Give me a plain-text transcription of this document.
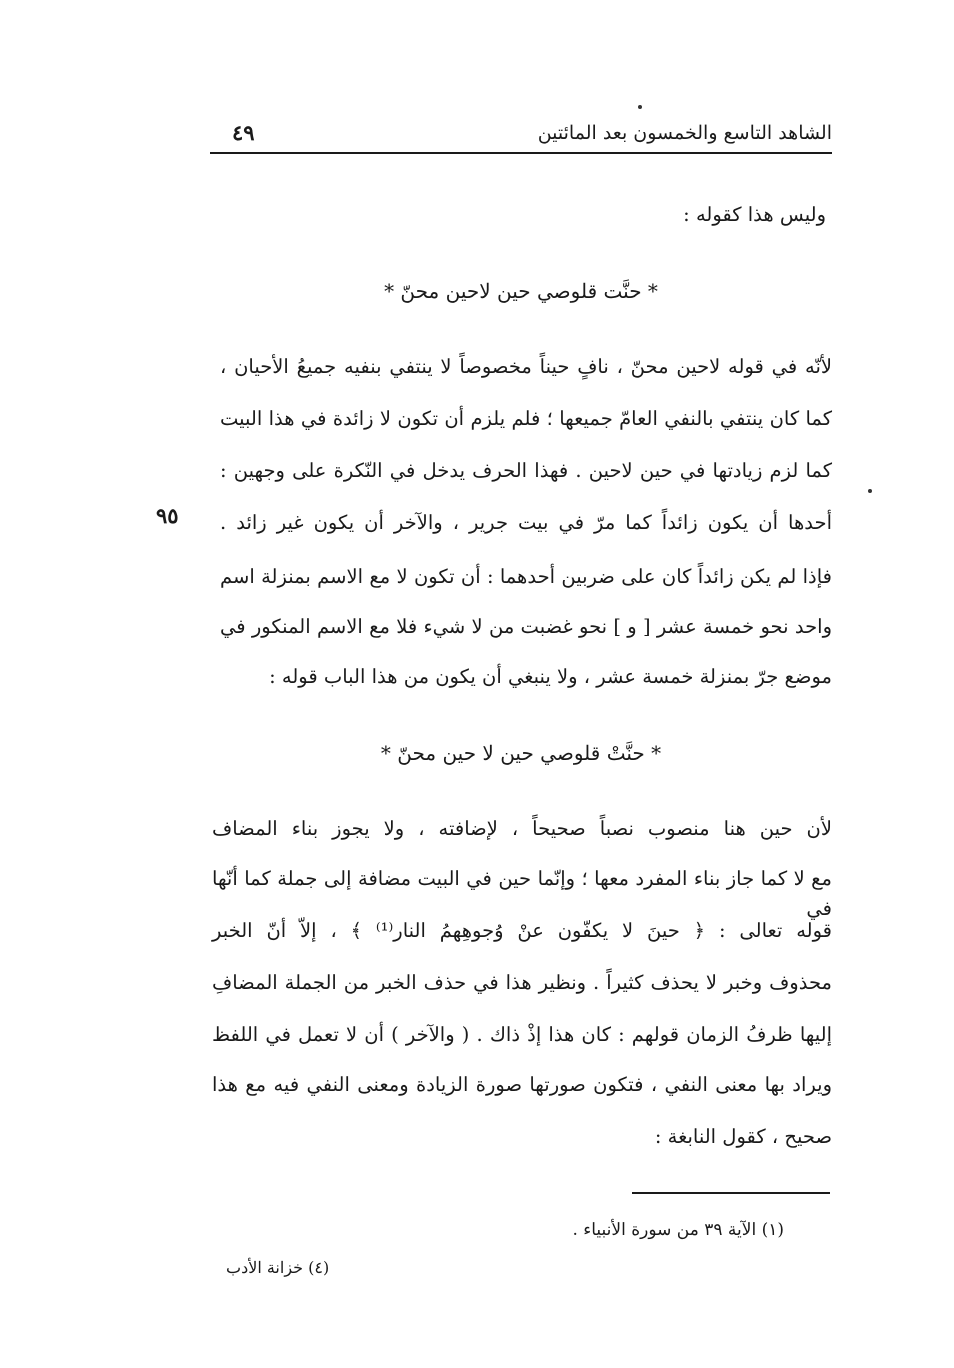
الشاهد التاسع والخمسون بعد المائتين
٤٩
وليس هذا كقوله :
* حنَّت قلوصي حين لاحين محنّ *
لأنّه في قوله لاحين محنّ ، نافٍ حيناً مخصوصاً لا ينتفي بنفيه جميعُ الأحيان ،
كما كان ينتفي بالنفي العامّ جميعها ؛ فلم يلزم أن تكون لا زائدة في هذا البيت
كما لزم زيادتها في حين لاحين . فهذا الحرف يدخل في النّكرة على وجهين :
أحدها أن يكون زائداً كما مرّ في بيت جرير ، والآخر أن يكون غير زائد .
فإذا لم يكن زائداً كان على ضربين أحدهما : أن تكون لا مع الاسم بمنزلة اسم
واحد نحو خمسة عشر [ و ] نحو غضبت من لا شيء فلا مع الاسم المنكور في
موضع جرّ بمنزلة خمسة عشر ، ولا ينبغي أن يكون من هذا الباب قوله :
٩٥
* حنَّتْ قلوصي حين لا حين محنّ *
لأن حين هنا منصوب نصباً صحيحاً ، لإضافته ، ولا يجوز بناء المضاف
مع لا كما جاز بناء المفرد معها ؛ وإنّما حين في البيت مضافة إلى جملة كما أنّها في
قوله تعالى : ﴿ حينَ لا يكفّون عنْ وُجوهِهمُ النار⁽¹⁾ ﴾ ، إلاّ أنّ الخبر
محذوف وخبر لا يحذف كثيراً . ونظير هذا في حذف الخبر من الجملة المضافِ
إليها ظرفُ الزمان قولهم : كان هذا إذْ ذاك . ( والآخر ) أن لا تعمل في اللفظ
ويراد بها معنى النفي ، فتكون صورتها صورة الزيادة ومعنى النفي فيه مع هذا
صحيح ، كقول النابغة :
(١) الآية ٣٩ من سورة الأنبياء .
(٤) خزانة الأدب
